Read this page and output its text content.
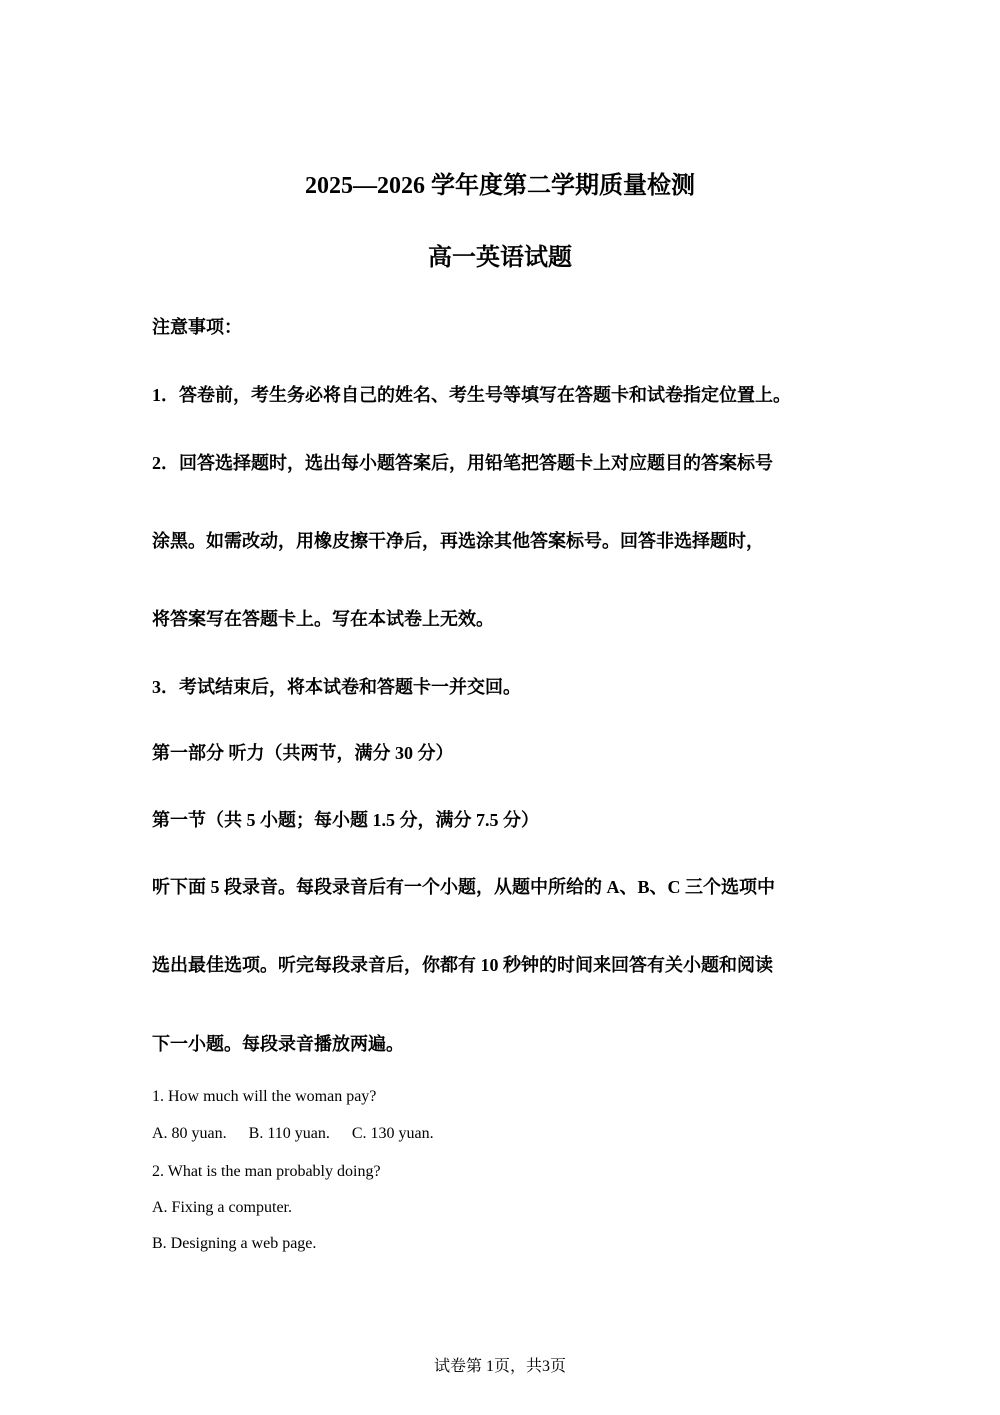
2025—2026 学年度第二学期质量检测
高一英语试题
注意事项：
1．答卷前，考生务必将自己的姓名、考生号等填写在答题卡和试卷指定位置上。
2．回答选择题时，选出每小题答案后，用铅笔把答题卡上对应题目的答案标号
涂黑。如需改动，用橡皮擦干净后，再选涂其他答案标号。回答非选择题时，
将答案写在答题卡上。写在本试卷上无效。
3．考试结束后，将本试卷和答题卡一并交回。
第一部分 听力（共两节，满分 30 分）
第一节（共 5 小题；每小题 1.5 分，满分 7.5 分）
听下面 5 段录音。每段录音后有一个小题，从题中所给的 A、B、C 三个选项中
选出最佳选项。听完每段录音后，你都有 10 秒钟的时间来回答有关小题和阅读
下一小题。每段录音播放两遍。
1. How much will the woman pay?
A. 80 yuan. B. 110 yuan. C. 130 yuan.
2. What is the man probably doing?
A. Fixing a computer.
B. Designing a web page.
试卷第 1页，共3页
